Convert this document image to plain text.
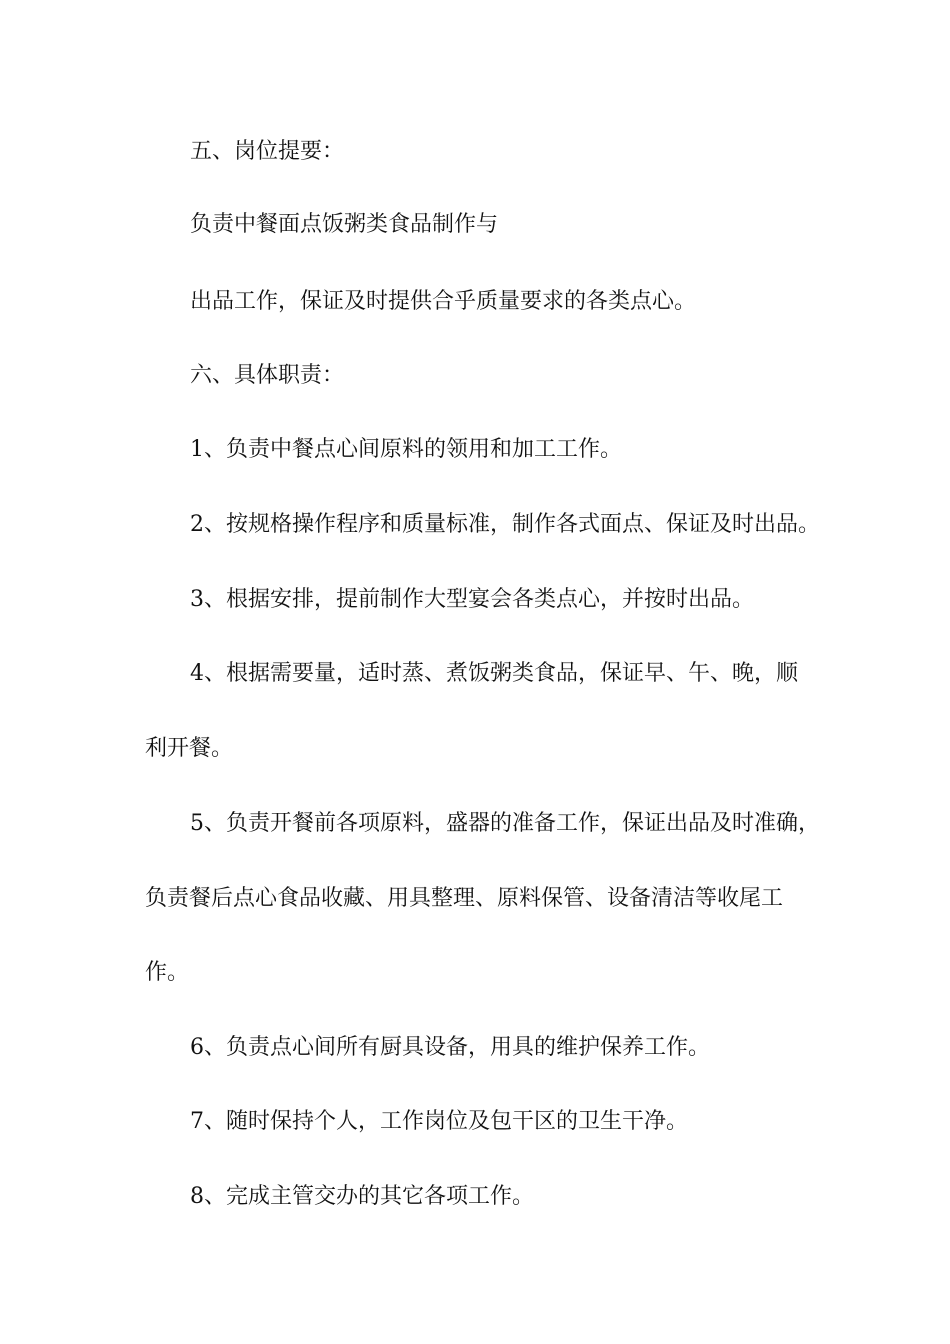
五、岗位提要：
负责中餐面点饭粥类食品制作与
出品工作，保证及时提供合乎质量要求的各类点心。
六、具体职责：
1、负责中餐点心间原料的领用和加工工作。
2、按规格操作程序和质量标准，制作各式面点、保证及时出品。
3、根据安排，提前制作大型宴会各类点心，并按时出品。
4、根据需要量，适时蒸、煮饭粥类食品，保证早、午、晚，顺
利开餐。
5、负责开餐前各项原料，盛器的准备工作，保证出品及时准确，
负责餐后点心食品收藏、用具整理、原料保管、设备清洁等收尾工
作。
6、负责点心间所有厨具设备，用具的维护保养工作。
7、随时保持个人，工作岗位及包干区的卫生干净。
8、完成主管交办的其它各项工作。
